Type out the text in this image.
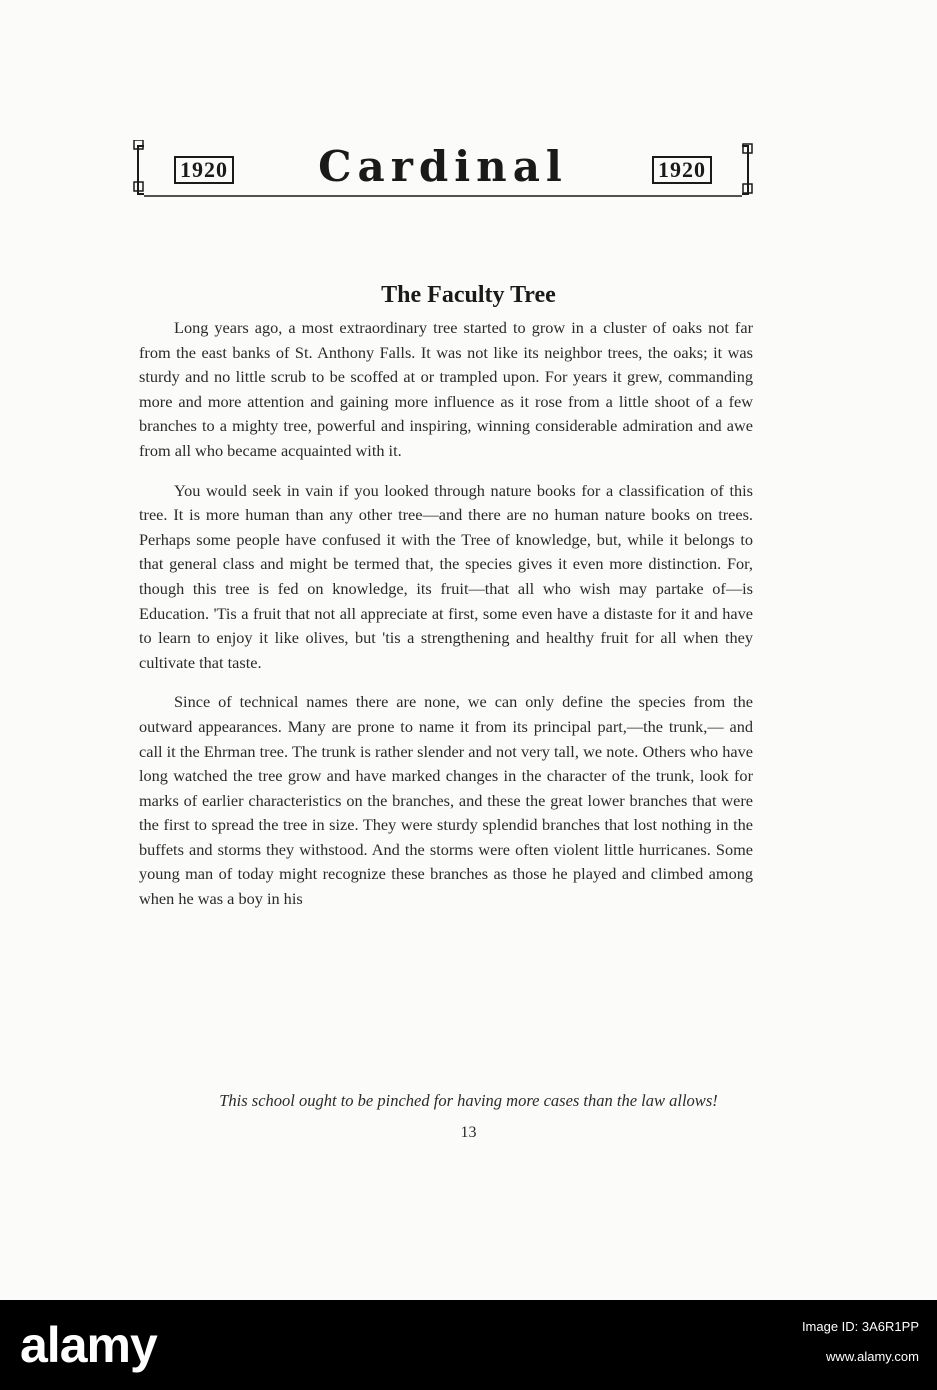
1920 Cardinal	1920
The Faculty Tree

Long years ago, a most extraordinary tree started to grow in a cluster of oaks not far from the east banks of St. Anthony Falls. It was not like its neighbor trees, the oaks; it was sturdy and no little scrub to be scoffed at or trampled upon. For years it grew, commanding more and more attention and gaining more influence as it rose from a little shoot of a few branches to a mighty tree, powerful and inspiring, winning considerable admiration and awe from all who became acquainted with it.

You would seek in vain if you looked through nature books for a classification of this tree. It is more human than any other tree—and there are no human nature books on trees. Perhaps some people have confused it with the Tree of knowledge, but, while it belongs to that general class and might be termed that, the species gives it even more distinction. For, though this tree is fed on knowledge, its fruit—that all who wish may partake of—is Education. 'Tis a fruit that not all appreciate at first, some even have a distaste for it and have to learn to enjoy it like olives, but 'tis a strengthening and healthy fruit for all when they cultivate that taste.

Since of technical names there are none, we can only define the species from the outward appearances. Many are prone to name it from its principal part,—the trunk,— and call it the Ehrman tree. The trunk is rather slender and not very tall, we note. Others who have long watched the tree grow and have marked changes in the character of the trunk, look for marks of earlier characteristics on the branches, and these the great lower branches that were the first to spread the tree in size. They were sturdy splendid branches that lost nothing in the buffets and storms they withstood. And the storms were often violent little hurricanes. Some young man of today might recognize these branches as those he played and climbed among when he was a boy in his

This school ought to be pinched for having more cases than the law allows!
13
alamy	Image ID: 3A6R1PP
www.alamy.com
